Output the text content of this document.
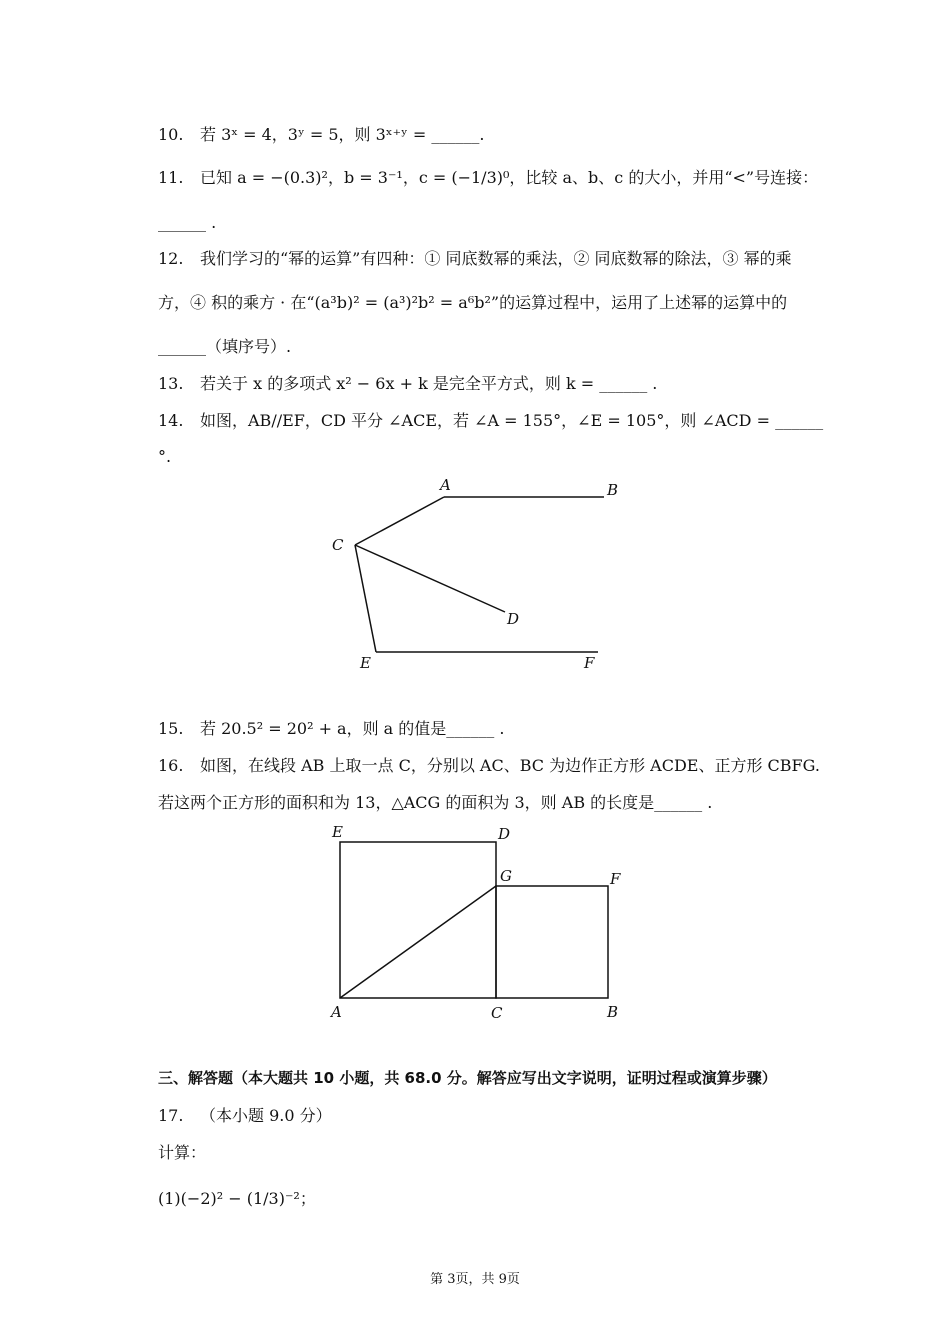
10. 若 3ˣ = 4，3ʸ = 5，则 3ˣ⁺ʸ = ______.
11. 已知 a = −(0.3)²，b = 3⁻¹，c = (−1/3)⁰，比较 a、b、c 的大小，并用“<”号连接：
______ .
12. 我们学习的“幂的运算”有四种：① 同底数幂的乘法，② 同底数幂的除法，③ 幂的乘
方，④ 积的乘方 · 在“(a³b)² = (a³)²b² = a⁶b²”的运算过程中，运用了上述幂的运算中的
______（填序号）.
13. 若关于 x 的多项式 x² − 6x + k 是完全平方式，则 k = ______ .
14. 如图，AB//EF，CD 平分 ∠ACE，若 ∠A = 155°，∠E = 105°，则 ∠ACD = ______
°.
A	B
C
D
E	F
15. 若 20.5² = 20² + a，则 a 的值是______ .
16. 如图，在线段 AB 上取一点 C，分别以 AC、BC 为边作正方形 ACDE、正方形 CBFG.
若这两个正方形的面积和为 13，△ACG 的面积为 3，则 AB 的长度是______ .
E	D
G	F
A	C	B
三、解答题（本大题共 10 小题，共 68.0 分。解答应写出文字说明，证明过程或演算步骤）
17. （本小题 9.0 分）
计算：
(1)(−2)² − (1/3)⁻²；
第 3页，共 9页
